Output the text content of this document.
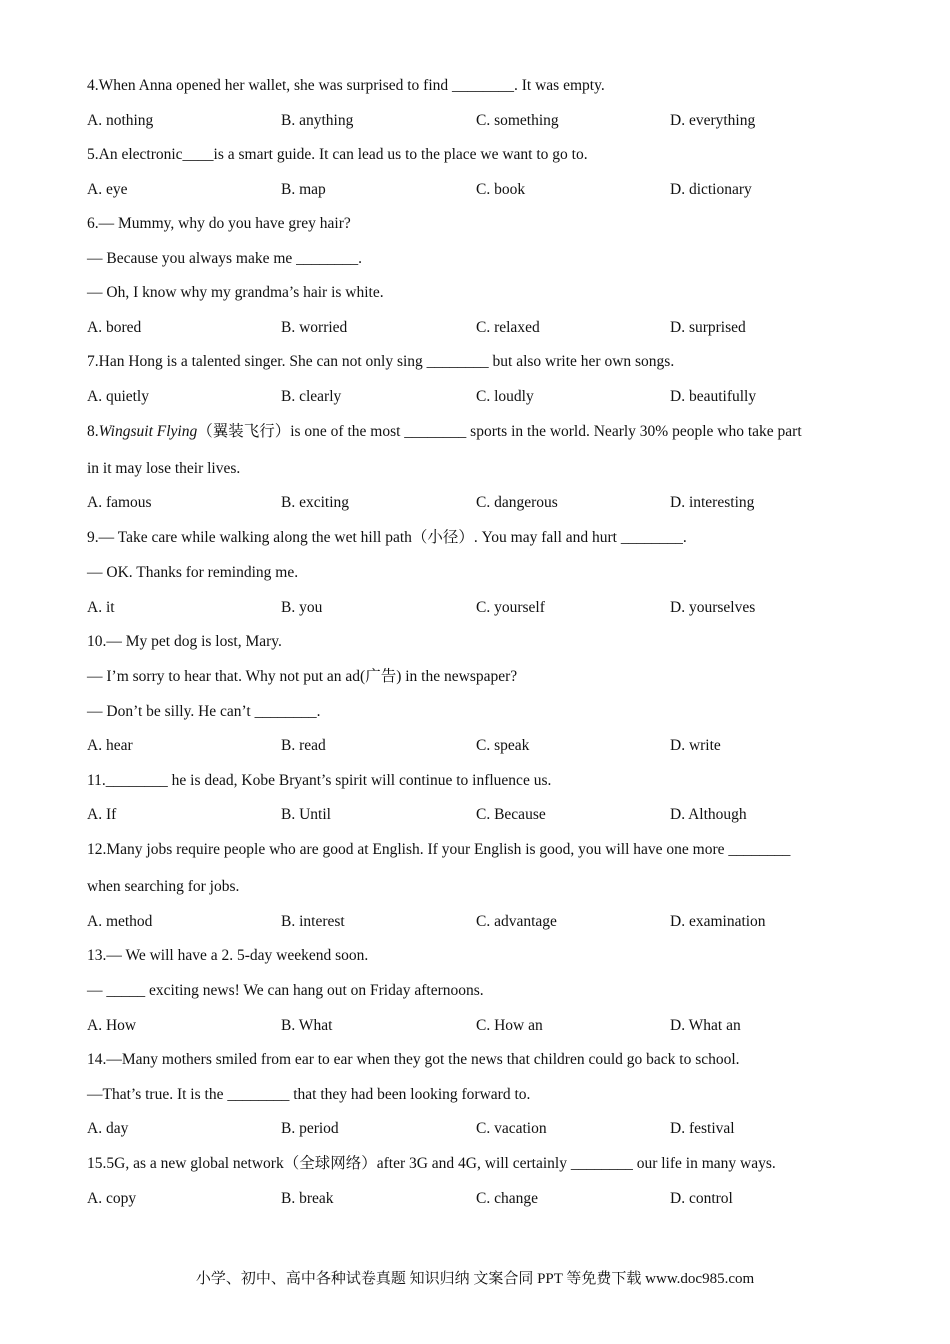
4.When Anna opened her wallet, she was surprised to find ________. It was empty.
A. nothing	B. anything	C. something	D. everything
5.An electronic____is a smart guide. It can lead us to the place we want to go to.
A. eye	B. map	C. book	D. dictionary
6.— Mummy, why do you have grey hair?
— Because you always make me ________.
— Oh, I know why my grandma’s hair is white.
A. bored	B. worried	C. relaxed	D. surprised
7.Han Hong is a talented singer. She can not only sing ________ but also write her own songs.
A. quietly	B. clearly	C. loudly	D. beautifully
8.Wingsuit Flying（翼装飞行）is one of the most ________ sports in the world. Nearly 30% people who take part
in it may lose their lives.
A. famous	B. exciting	C. dangerous	D. interesting
9.— Take care while walking along the wet hill path（小径）. You may fall and hurt ________.
— OK. Thanks for reminding me.
A. it	B. you	C. yourself	D. yourselves
10.— My pet dog is lost, Mary.
— I’m sorry to hear that. Why not put an ad(广告) in the newspaper?
— Don’t be silly. He can’t ________.
A. hear	B. read	C. speak	D. write
11.________ he is dead, Kobe Bryant’s spirit will continue to influence us.
A. If	B. Until	C. Because	D. Although
12.Many jobs require people who are good at English. If your English is good, you will have one more ________
when searching for jobs.
A. method	B. interest	C. advantage	D. examination
13.— We will have a 2. 5-day weekend soon.
— _____ exciting news! We can hang out on Friday afternoons.
A. How	B. What	C. How an	D. What an
14.—Many mothers smiled from ear to ear when they got the news that children could go back to school.
—That’s true. It is the ________ that they had been looking forward to.
A. day	B. period	C. vacation	D. festival
15.5G, as a new global network（全球网络）after 3G and 4G, will certainly ________ our life in many ways.
A. copy	B. break	C. change	D. control
小学、初中、高中各种试卷真题 知识归纳 文案合同 PPT 等免费下载 www.doc985.com
